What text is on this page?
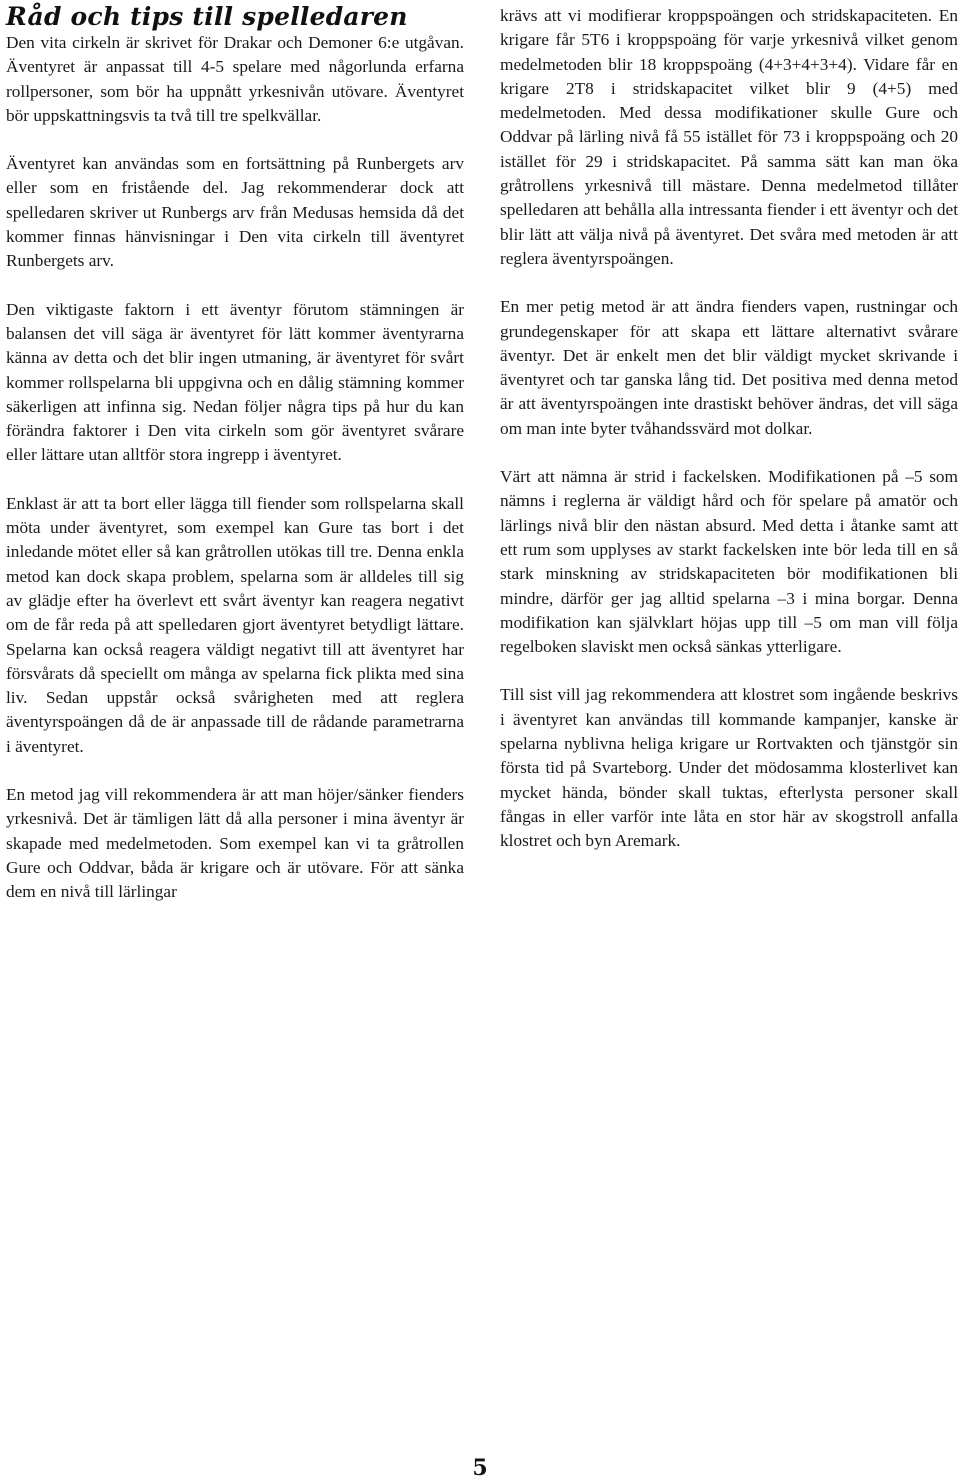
Råd och tips till spelledaren

Den vita cirkeln är skrivet för Drakar och Demoner 6:e utgåvan. Äventyret är anpassat till 4-5 spelare med någorlunda erfarna rollpersoner, som bör ha uppnått yrkesnivån utövare. Äventyret bör uppskattningsvis ta två till tre spelkvällar.

Äventyret kan användas som en fortsättning på Runbergets arv eller som en fristående del. Jag rekommenderar dock att spelledaren skriver ut Runbergs arv från Medusas hemsida då det kommer finnas hänvisningar i Den vita cirkeln till äventyret Runbergets arv.

Den viktigaste faktorn i ett äventyr förutom stämningen är balansen det vill säga är äventyret för lätt kommer äventyrarna känna av detta och det blir ingen utmaning, är äventyret för svårt kommer rollspelarna bli uppgivna och en dålig stämning kommer säkerligen att infinna sig. Nedan följer några tips på hur du kan förändra faktorer i Den vita cirkeln som gör äventyret svårare eller lättare utan alltför stora ingrepp i äventyret.

Enklast är att ta bort eller lägga till fiender som rollspelarna skall möta under äventyret, som exempel kan Gure tas bort i det inledande mötet eller så kan gråtrollen utökas till tre. Denna enkla metod kan dock skapa problem, spelarna som är alldeles till sig av glädje efter ha överlevt ett svårt äventyr kan reagera negativt om de får reda på att spelledaren gjort äventyret betydligt lättare. Spelarna kan också reagera väldigt negativt till att äventyret har försvårats då speciellt om många av spelarna fick plikta med sina liv. Sedan uppstår också svårigheten med att reglera äventyrspoängen då de är anpassade till de rådande parametrarna i äventyret.

En metod jag vill rekommendera är att man höjer/sänker fienders yrkesnivå. Det är tämligen lätt då alla personer i mina äventyr är skapade med medelmetoden. Som exempel kan vi ta gråtrollen Gure och Oddvar, båda är krigare och är utövare. För att sänka dem en nivå till lärlingar

krävs att vi modifierar kroppspoängen och stridskapaciteten. En krigare får 5T6 i kroppspoäng för varje yrkesnivå vilket genom medelmetoden blir 18 kroppspoäng (4+3+4+3+4). Vidare får en krigare 2T8 i stridskapacitet vilket blir 9 (4+5) med medelmetoden. Med dessa modifikationer skulle Gure och Oddvar på lärling nivå få 55 istället för 73 i kroppspoäng och 20 istället för 29 i stridskapacitet. På samma sätt kan man öka gråtrollens yrkesnivå till mästare. Denna medelmetod tillåter spelledaren att behålla alla intressanta fiender i ett äventyr och det blir lätt att välja nivå på äventyret. Det svåra med metoden är att reglera äventyrspoängen.

En mer petig metod är att ändra fienders vapen, rustningar och grundegenskaper för att skapa ett lättare alternativt svårare äventyr. Det är enkelt men det blir väldigt mycket skrivande i äventyret och tar ganska lång tid. Det positiva med denna metod är att äventyrspoängen inte drastiskt behöver ändras, det vill säga om man inte byter tvåhandssvärd mot dolkar.

Värt att nämna är strid i fackelsken. Modifikationen på –5 som nämns i reglerna är väldigt hård och för spelare på amatör och lärlings nivå blir den nästan absurd. Med detta i åtanke samt att ett rum som upplyses av starkt fackelsken inte bör leda till en så stark minskning av stridskapaciteten bör modifikationen bli mindre, därför ger jag alltid spelarna –3 i mina borgar. Denna modifikation kan självklart höjas upp till –5 om man vill följa regelboken slaviskt men också sänkas ytterligare.

Till sist vill jag rekommendera att klostret som ingående beskrivs i äventyret kan användas till kommande kampanjer, kanske är spelarna nyblivna heliga krigare ur Rortvakten och tjänstgör sin första tid på Svarteborg. Under det mödosamma klosterlivet kan mycket hända, bönder skall tuktas, efterlysta personer skall fångas in eller varför inte låta en stor här av skogstroll anfalla klostret och byn Aremark.

5
